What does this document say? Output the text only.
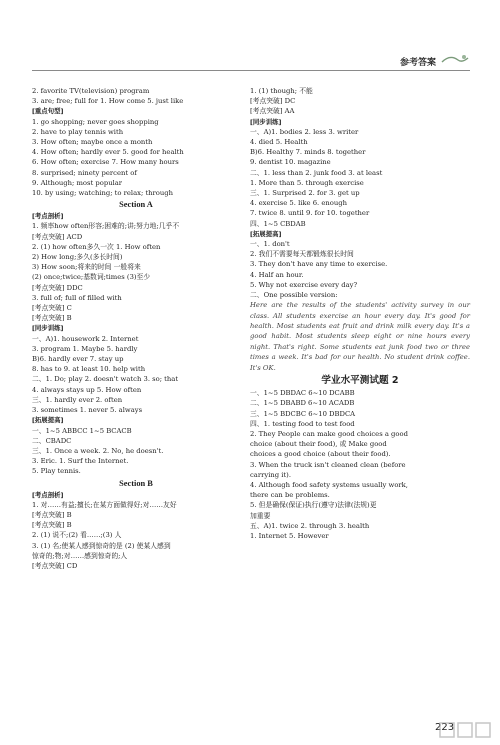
参考答案
2. favorite TV(television) program
3. are; free; full for 1. How come 5. just like
[重点句型]
1. go shopping; never goes shopping
2. have to play tennis with
3. How often; maybe once a month
4. How often; hardly ever 5. good for health
6. How often; exercise 7. How many hours
8. surprised; ninety percent of
9. Although; most popular
10. by using; watching; to relax; through
Section A
[考点剖析]
1. 频率how often形容;困难的;讲;努力地;几乎不
[考点突破] ACD
2. (1) how often多久一次 1. How often
2) How long;多久(多长时间)
3) How soon;将来的时间 一般将来
(2) once;twice;基数词;times (3)至少
[考点突破] DDC
3. full of; full of filled with
[考点突破] C
[考点突破] B
[同步训练]
一、A)1. housework 2. Internet
3. program 1. Maybe 5. hardly
B)6. hardly ever 7. stay up
8. has to 9. at least 10. help with
二、1. Do; play 2. doesn't watch 3. so; that
4. always stays up 5. How often
三、1. hardly ever 2. often
3. sometimes 1. never 5. always
[拓展提高]
一、1~5 ABBCC 1~5 BCACB
二、CBADC
三、1. Once a week. 2. No, he doesn't.
3. Eric. 1. Surf the Internet.
5. Play tennis.
Section B
[考点剖析]
1. 对……有益;擅长;在某方面做得好;对……友好
[考点突破] B
[考点突破] B
2. (1) 说不;(2) 看……;(3) 人
3. (1) 名;使某人感到惊奇的是 (2) 使某人感到
惊奇的;物;对……感到惊奇的;人
[考点突破] CD
1. (1) though; 不能
[考点突破] DC
[考点突破] AA
[同步训练]
一、A)1. bodies 2. less 3. writer
4. died 5. Health
B)6. Healthy 7. minds 8. together
9. dentist 10. magazine
二、1. less than 2. junk food 3. at least
1. More than 5. through exercise
三、1. Surprised 2. for 3. get up
4. exercise 5. like 6. enough
7. twice 8. until 9. for 10. together
四、1~5 CBDAB
[拓展提高]
一、1. don't
2. 我们不需要每天都锻炼很长时间
3. They don't have any time to exercise.
4. Half an hour.
5. Why not exercise every day?
二、One possible version:
Here are the results of the students' activity survey in our class. All students exercise an hour every day. It's good for health. Most students eat fruit and drink milk every day. It's a good habit. Most students sleep eight or nine hours every night. That's right. Some students eat junk food two or three times a week. It's bad for our health. No student drink coffee. It's OK.
学业水平测试题 2
一、1~5 DBDAC 6~10 DCABB
二、1~5 DBABD 6~10 ACADB
三、1~5 BDCBC 6~10 DBDCA
四、1. testing food to test food
2. They People can make good choices a good
choice (about their food), 或 Make good
choices a good choice (about their food).
3. When the truck isn't cleaned clean (before
carrying it).
4. Although food safety systems usually work,
there can be problems.
5. 但是确保(保证)执行(遵守)法律(法规)更
加重要
五、A)1. twice 2. through 3. health
1. Internet 5. However
223
